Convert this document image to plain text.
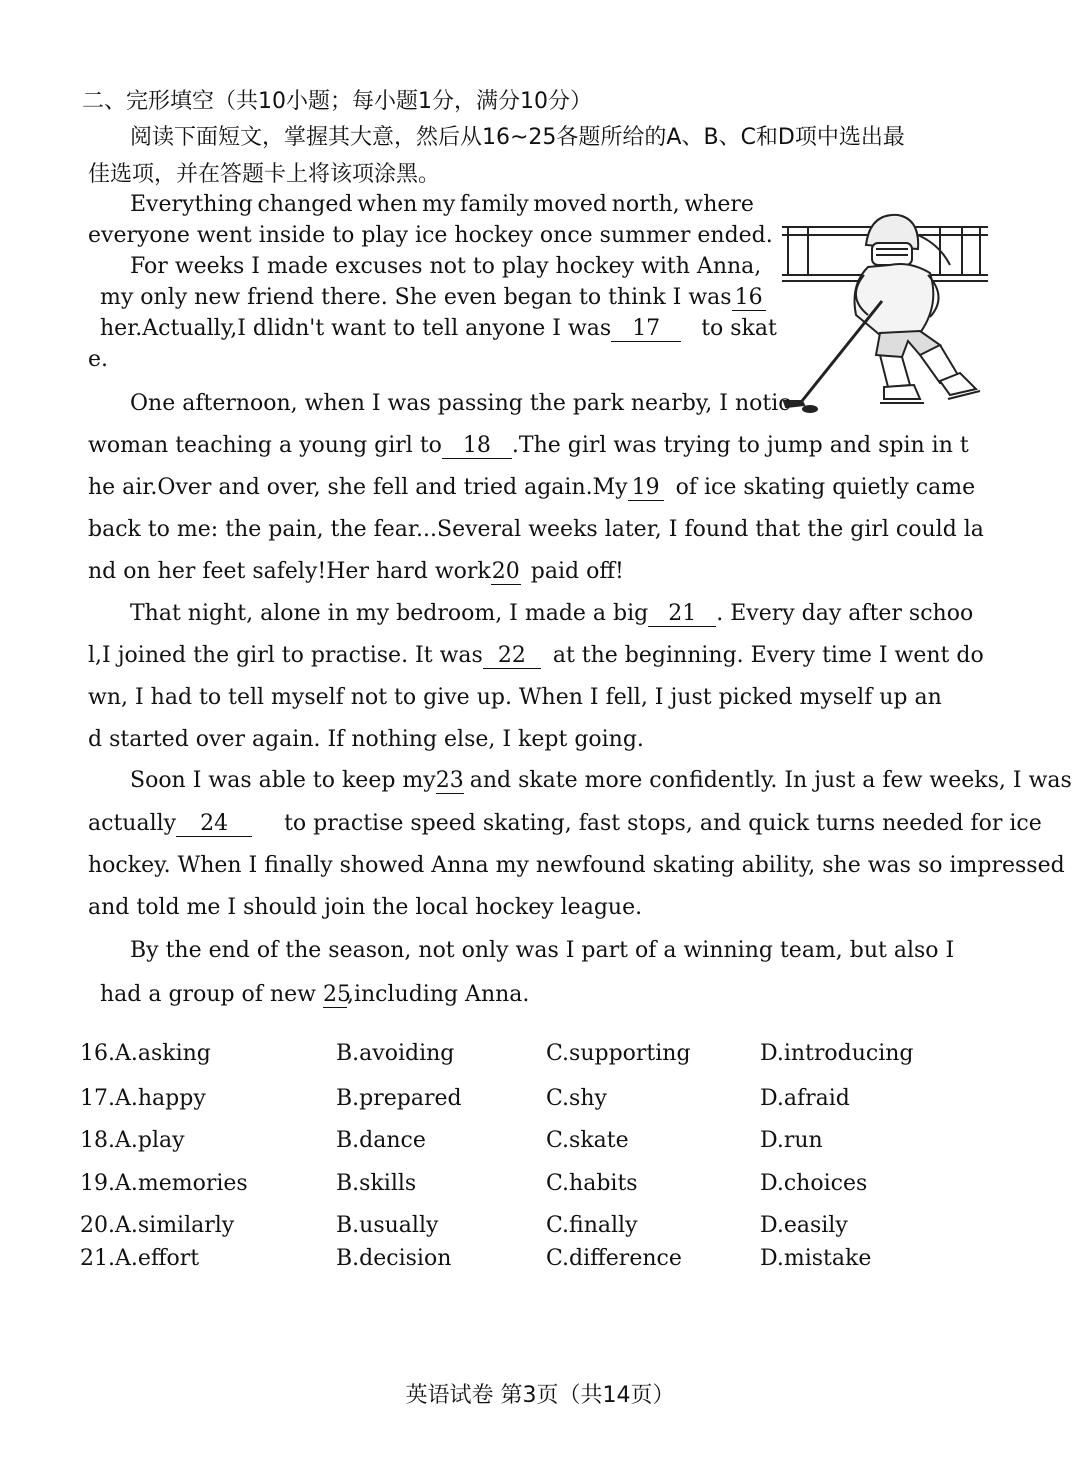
二、完形填空（共10小题；每小题1分，满分10分）
阅读下面短文，掌握其大意，然后从16~25各题所给的A、B、C和D项中选出最
佳选项，并在答题卡上将该项涂黑。
Everything changed when my family moved north, where
everyone went inside to play ice hockey once summer ended.
For weeks I made excuses not to play hockey with Anna,
my only new friend there. She even began to think I was 16
her.Actually,I dlidn't want to tell anyone I was 17 to skat
e.
One afternoon, when I was passing the park nearby, I notic
woman teaching a young girl to 18 .The girl was trying to jump and spin in t
he air.Over and over, she fell and tried again.My 19 of ice skating quietly came
back to me: the pain, the fear...Several weeks later, I found that the girl could la
nd on her feet safely!Her hard work20 paid off!
That night, alone in my bedroom, I made a big 21 . Every day after schoo
l,I joined the girl to practise. It was 22 at the beginning. Every time I went do
wn, I had to tell myself not to give up. When I fell, I just picked myself up an
d started over again. If nothing else, I kept going.
Soon I was able to keep my23 and skate more confidently. In just a few weeks, I was
actually 24	to practise speed skating, fast stops, and quick turns needed for ice
hockey. When I finally showed Anna my newfound skating ability, she was so impressed
and told me I should join the local hockey league.
By the end of the season, not only was I part of a winning team, but also I
had a group of new 25,including Anna.
16.A.asking	B.avoiding	C.supporting	D.introducing
17.A.happy	B.prepared	C.shy	D.afraid
18.A.play	B.dance	C.skate	D.run
19.A.memories	B.skills	C.habits	D.choices
20.A.similarly	B.usually	C.finally	D.easily
21.A.effort	B.decision	C.difference	D.mistake
英语试卷 第3页（共14页）
